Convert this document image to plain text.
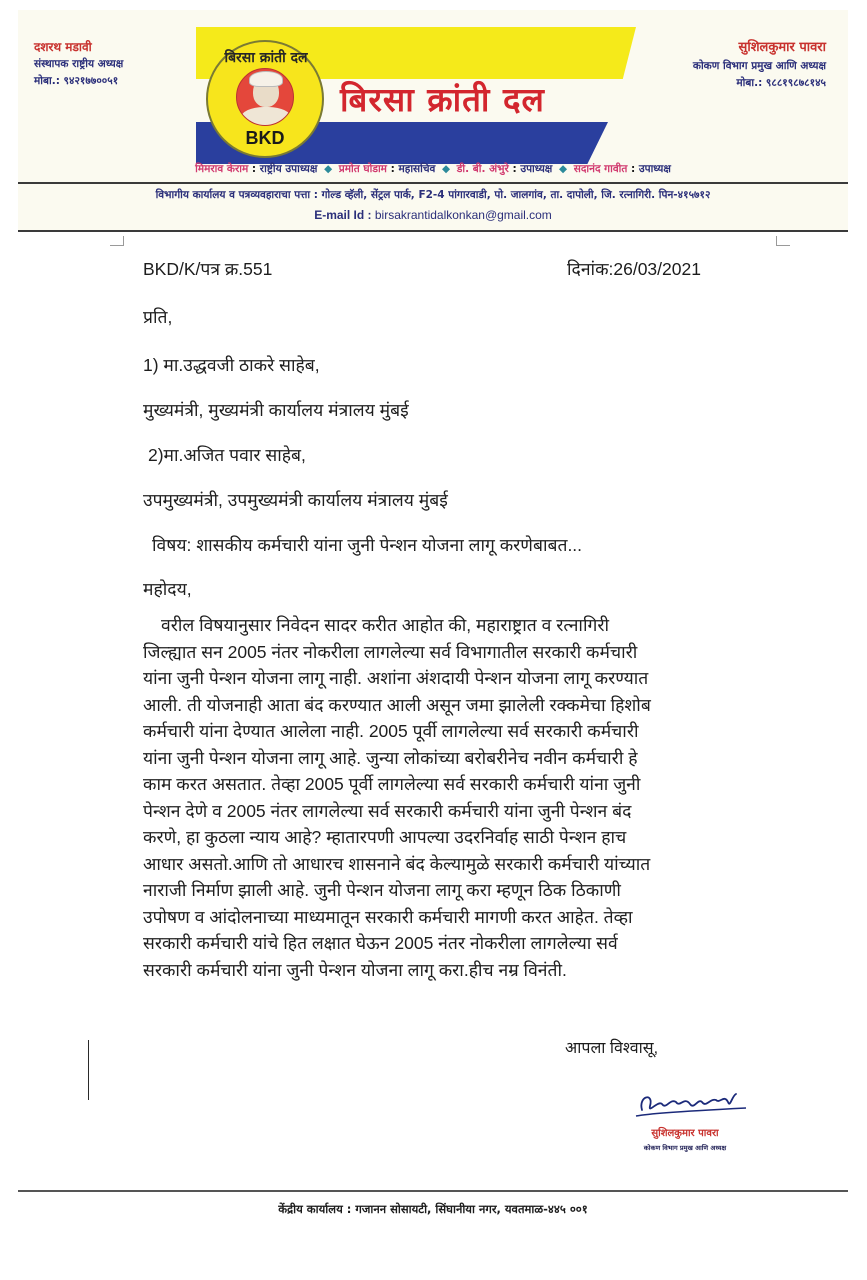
दशरथ मडावी
संस्थापक राष्ट्रीय अध्यक्ष
मोबा.: ९४२१७७००५१	बिरसा क्रांती दल
बिरसा क्रांती दल
BKD
सुशिलकुमार पावरा
कोकण विभाग प्रमुख आणि अध्यक्ष
मोबा.: ९८८१९८७८१४५
मिमराव केराम : राष्ट्रीय उपाध्यक्ष ◆ प्रमोत घोडाम : महासचिव ◆ डी. बी. अंभुरे : उपाध्यक्ष ◆ सदानंद गावीत : उपाध्यक्ष
विभागीय कार्यालय व पत्रव्यवहाराचा पत्ता : गोल्ड व्हॅली, सेंट्रल पार्क, F2-4 पांगारवाडी, पो. जालगांव, ता. दापोली, जि. रत्नागिरी. पिन-४१५७१२
E-mail Id : birsakrantidalkonkan@gmail.com
BKD/K/पत्र क्र.551	दिनांक:26/03/2021
प्रति,
1) मा.उद्धवजी ठाकरे साहेब,
मुख्यमंत्री, मुख्यमंत्री कार्यालय मंत्रालय मुंबई
2)मा.अजित पवार साहेब,
उपमुख्यमंत्री, उपमुख्यमंत्री कार्यालय मंत्रालय मुंबई
विषय: शासकीय कर्मचारी यांना जुनी पेन्शन योजना लागू करणेबाबत...
महोदय,
वरील विषयानुसार निवेदन सादर करीत आहोत की, महाराष्ट्रात व रत्नागिरी
जिल्ह्यात सन 2005 नंतर नोकरीला लागलेल्या सर्व विभागातील सरकारी कर्मचारी
यांना जुनी पेन्शन योजना लागू नाही. अशांना अंशदायी पेन्शन योजना लागू करण्यात
आली. ती योजनाही आता बंद करण्यात आली असून जमा झालेली रक्कमेचा हिशोब
कर्मचारी यांना देण्यात आलेला नाही. 2005 पूर्वी लागलेल्या सर्व सरकारी कर्मचारी
यांना जुनी पेन्शन योजना लागू आहे. जुन्या लोकांच्या बरोबरीनेच नवीन कर्मचारी हे
काम करत असतात. तेव्हा 2005 पूर्वी लागलेल्या सर्व सरकारी कर्मचारी यांना जुनी
पेन्शन देणे व 2005 नंतर लागलेल्या सर्व सरकारी कर्मचारी यांना जुनी पेन्शन बंद
करणे, हा कुठला न्याय आहे? म्हातारपणी आपल्या उदरनिर्वाह साठी पेन्शन हाच
आधार असतो.आणि तो आधारच शासनाने बंद केल्यामुळे सरकारी कर्मचारी यांच्यात
नाराजी निर्माण झाली आहे. जुनी पेन्शन योजना लागू करा म्हणून ठिक ठिकाणी
उपोषण व आंदोलनाच्या माध्यमातून सरकारी कर्मचारी मागणी करत आहेत. तेव्हा
सरकारी कर्मचारी यांचे हित लक्षात घेऊन 2005 नंतर नोकरीला लागलेल्या सर्व
सरकारी कर्मचारी यांना जुनी पेन्शन योजना लागू करा.हीच नम्र विनंती.
आपला विश्वासू,
सुशिलकुमार पावरा
कोकण विभाग प्रमुख आणि अध्यक्ष
केंद्रीय कार्यालय : गजानन सोसायटी, सिंघानीया नगर, यवतमाळ-४४५ ००१
